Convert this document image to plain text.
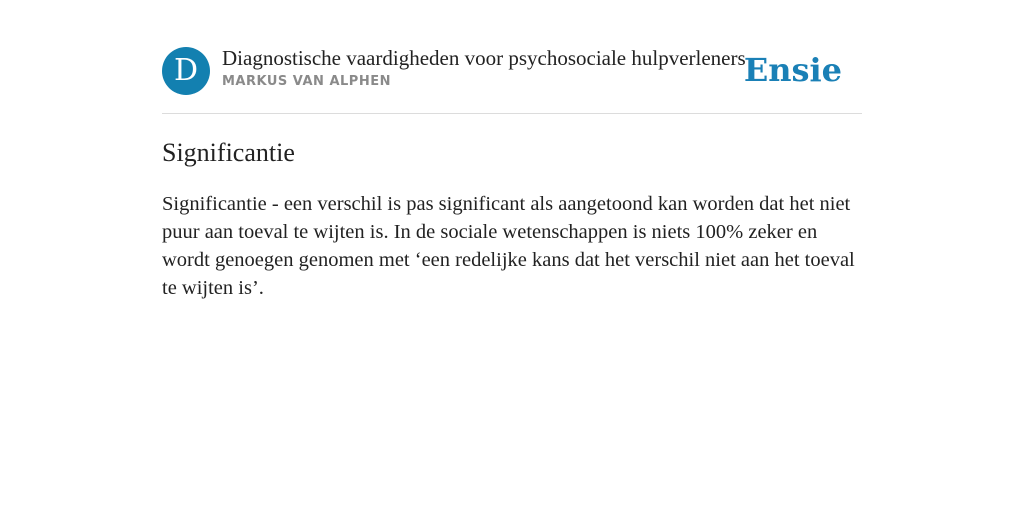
D	Diagnostische vaardigheden voor psychosociale hulpverleners
MARKUS VAN ALPHEN	Ensie
Significantie

Significantie - een verschil is pas significant als aangetoond kan worden dat het niet puur aan toeval te wijten is. In de sociale wetenschappen is niets 100% zeker en wordt genoegen genomen met ‘een redelijke kans dat het verschil niet aan het toeval te wijten is’.
